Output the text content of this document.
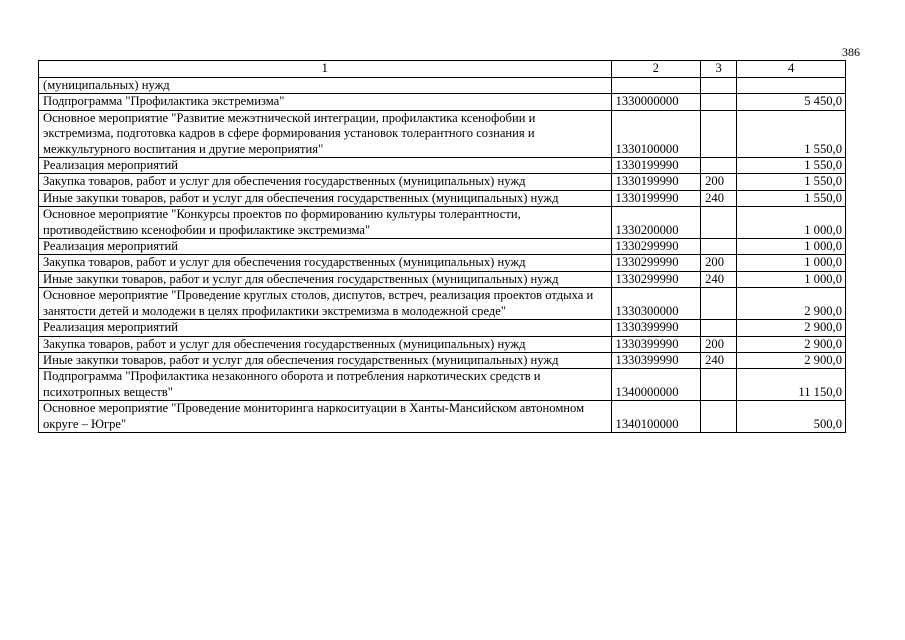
386
1	2	3	4
(муниципальных) нужд			
Подпрограмма "Профилактика экстремизма"	1330000000		5 450,0
Основное мероприятие "Развитие межэтнической интеграции, профилактика ксенофобии и экстремизма, подготовка кадров в сфере формирования установок толерантного сознания и межкультурного воспитания и другие мероприятия"	1330100000		1 550,0
Реализация мероприятий	1330199990		1 550,0
Закупка товаров, работ и услуг для обеспечения государственных (муниципальных) нужд	1330199990	200	1 550,0
Иные закупки товаров, работ и услуг для обеспечения государственных (муниципальных) нужд	1330199990	240	1 550,0
Основное мероприятие "Конкурсы проектов по формированию культуры толерантности, противодействию ксенофобии и профилактике экстремизма"	1330200000		1 000,0
Реализация мероприятий	1330299990		1 000,0
Закупка товаров, работ и услуг для обеспечения государственных (муниципальных) нужд	1330299990	200	1 000,0
Иные закупки товаров, работ и услуг для обеспечения государственных (муниципальных) нужд	1330299990	240	1 000,0
Основное мероприятие "Проведение круглых столов, диспутов, встреч, реализация проектов отдыха и занятости детей и молодежи в целях профилактики экстремизма в молодежной среде"	1330300000		2 900,0
Реализация мероприятий	1330399990		2 900,0
Закупка товаров, работ и услуг для обеспечения государственных (муниципальных) нужд	1330399990	200	2 900,0
Иные закупки товаров, работ и услуг для обеспечения государственных (муниципальных) нужд	1330399990	240	2 900,0
Подпрограмма "Профилактика незаконного оборота и потребления наркотических средств и психотропных веществ"	1340000000		11 150,0
Основное мероприятие "Проведение мониторинга наркоситуации в Ханты-Мансийском автономном округе – Югре"	1340100000		500,0
